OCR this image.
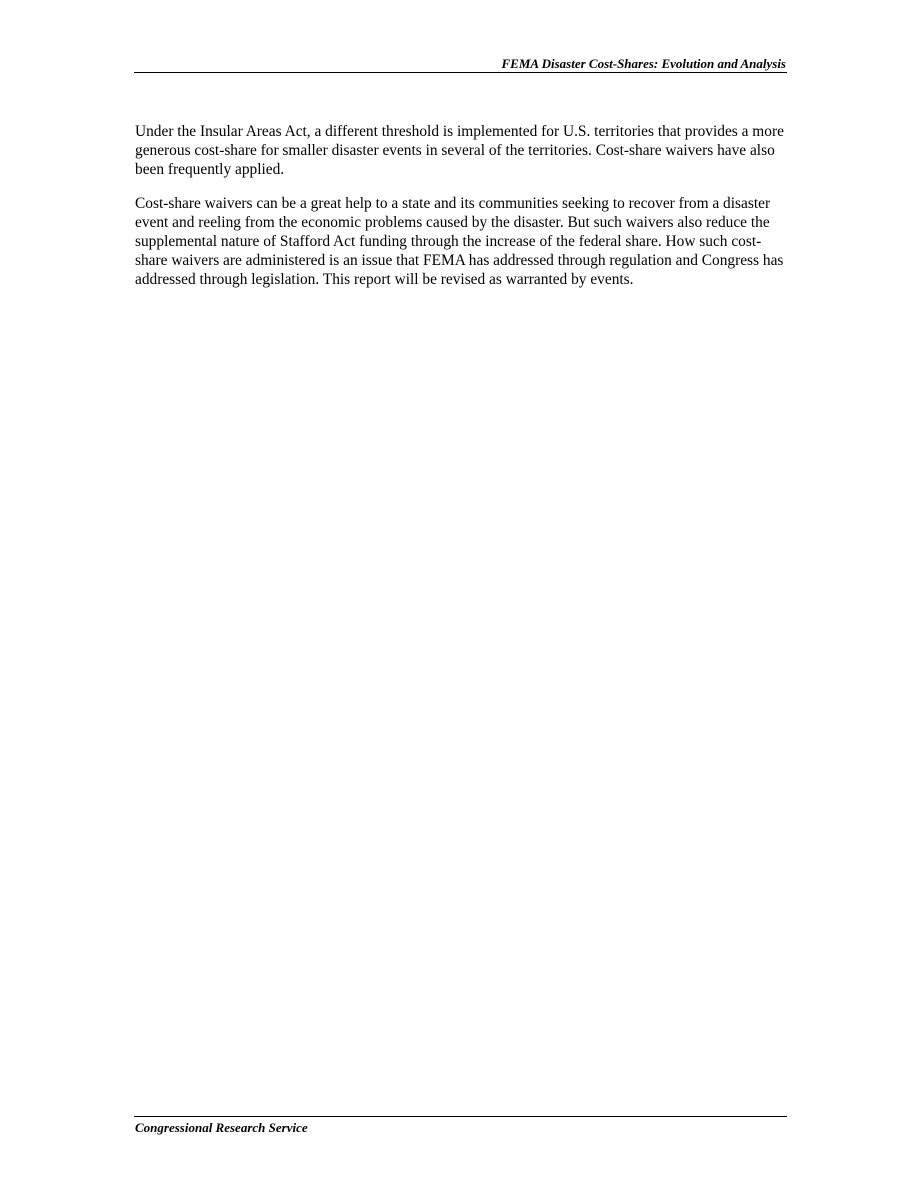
FEMA Disaster Cost-Shares: Evolution and Analysis

Under the Insular Areas Act, a different threshold is implemented for U.S. territories that provides a more generous cost-share for smaller disaster events in several of the territories. Cost-share waivers have also been frequently applied.

Cost-share waivers can be a great help to a state and its communities seeking to recover from a disaster event and reeling from the economic problems caused by the disaster. But such waivers also reduce the supplemental nature of Stafford Act funding through the increase of the federal share. How such cost-share waivers are administered is an issue that FEMA has addressed through regulation and Congress has addressed through legislation. This report will be revised as warranted by events.

Congressional Research Service
